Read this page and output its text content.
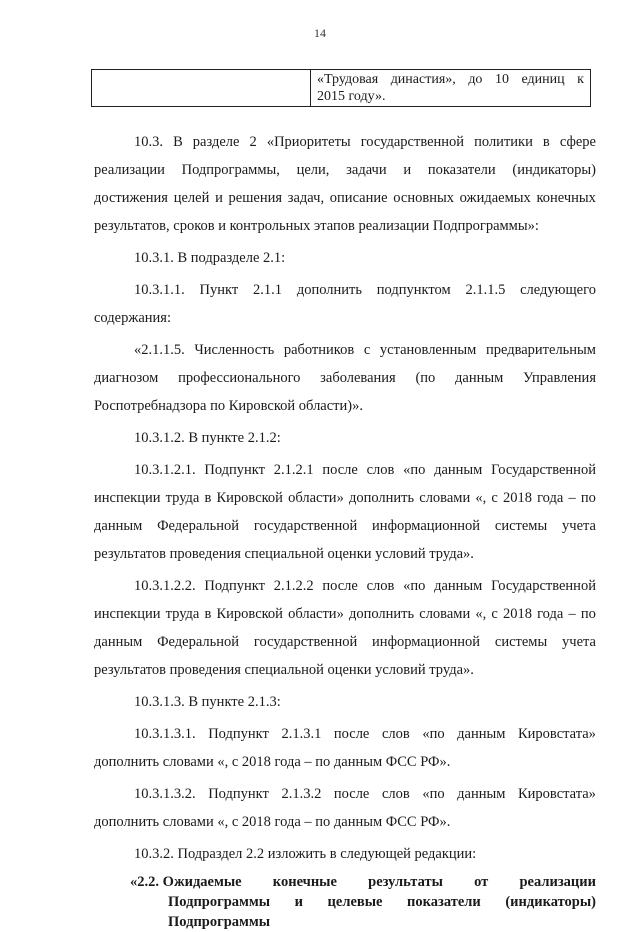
14
«Трудовая династия», до 10 единиц к
2015 году».
10.3. В разделе 2 «Приоритеты государственной политики в сфере
реализации Подпрограммы, цели, задачи и показатели (индикаторы)
достижения целей и решения задач, описание основных ожидаемых конечных
результатов, сроков и контрольных этапов реализации Подпрограммы»:
10.3.1. В подразделе 2.1:
10.3.1.1. Пункт 2.1.1 дополнить подпунктом 2.1.1.5 следующего
содержания:
«2.1.1.5. Численность работников с установленным предварительным
диагнозом профессионального заболевания (по данным Управления
Роспотребнадзора по Кировской области)».
10.3.1.2. В пункте 2.1.2:
10.3.1.2.1. Подпункт 2.1.2.1 после слов «по данным Государственной
инспекции труда в Кировской области» дополнить словами «, с 2018 года – по
данным Федеральной государственной информационной системы учета
результатов проведения специальной оценки условий труда».
10.3.1.2.2. Подпункт 2.1.2.2 после слов «по данным Государственной
инспекции труда в Кировской области» дополнить словами «, с 2018 года – по
данным Федеральной государственной информационной системы учета
результатов проведения специальной оценки условий труда».
10.3.1.3. В пункте 2.1.3:
10.3.1.3.1. Подпункт 2.1.3.1 после слов «по данным Кировстата»
дополнить словами «, с 2018 года – по данным ФСС РФ».
10.3.1.3.2. Подпункт 2.1.3.2 после слов «по данным Кировстата»
дополнить словами «, с 2018 года – по данным ФСС РФ».
10.3.2. Подраздел 2.2 изложить в следующей редакции:
«2.2. Ожидаемые конечные результаты от реализации
Подпрограммы и целевые показатели (индикаторы)
Подпрограммы
